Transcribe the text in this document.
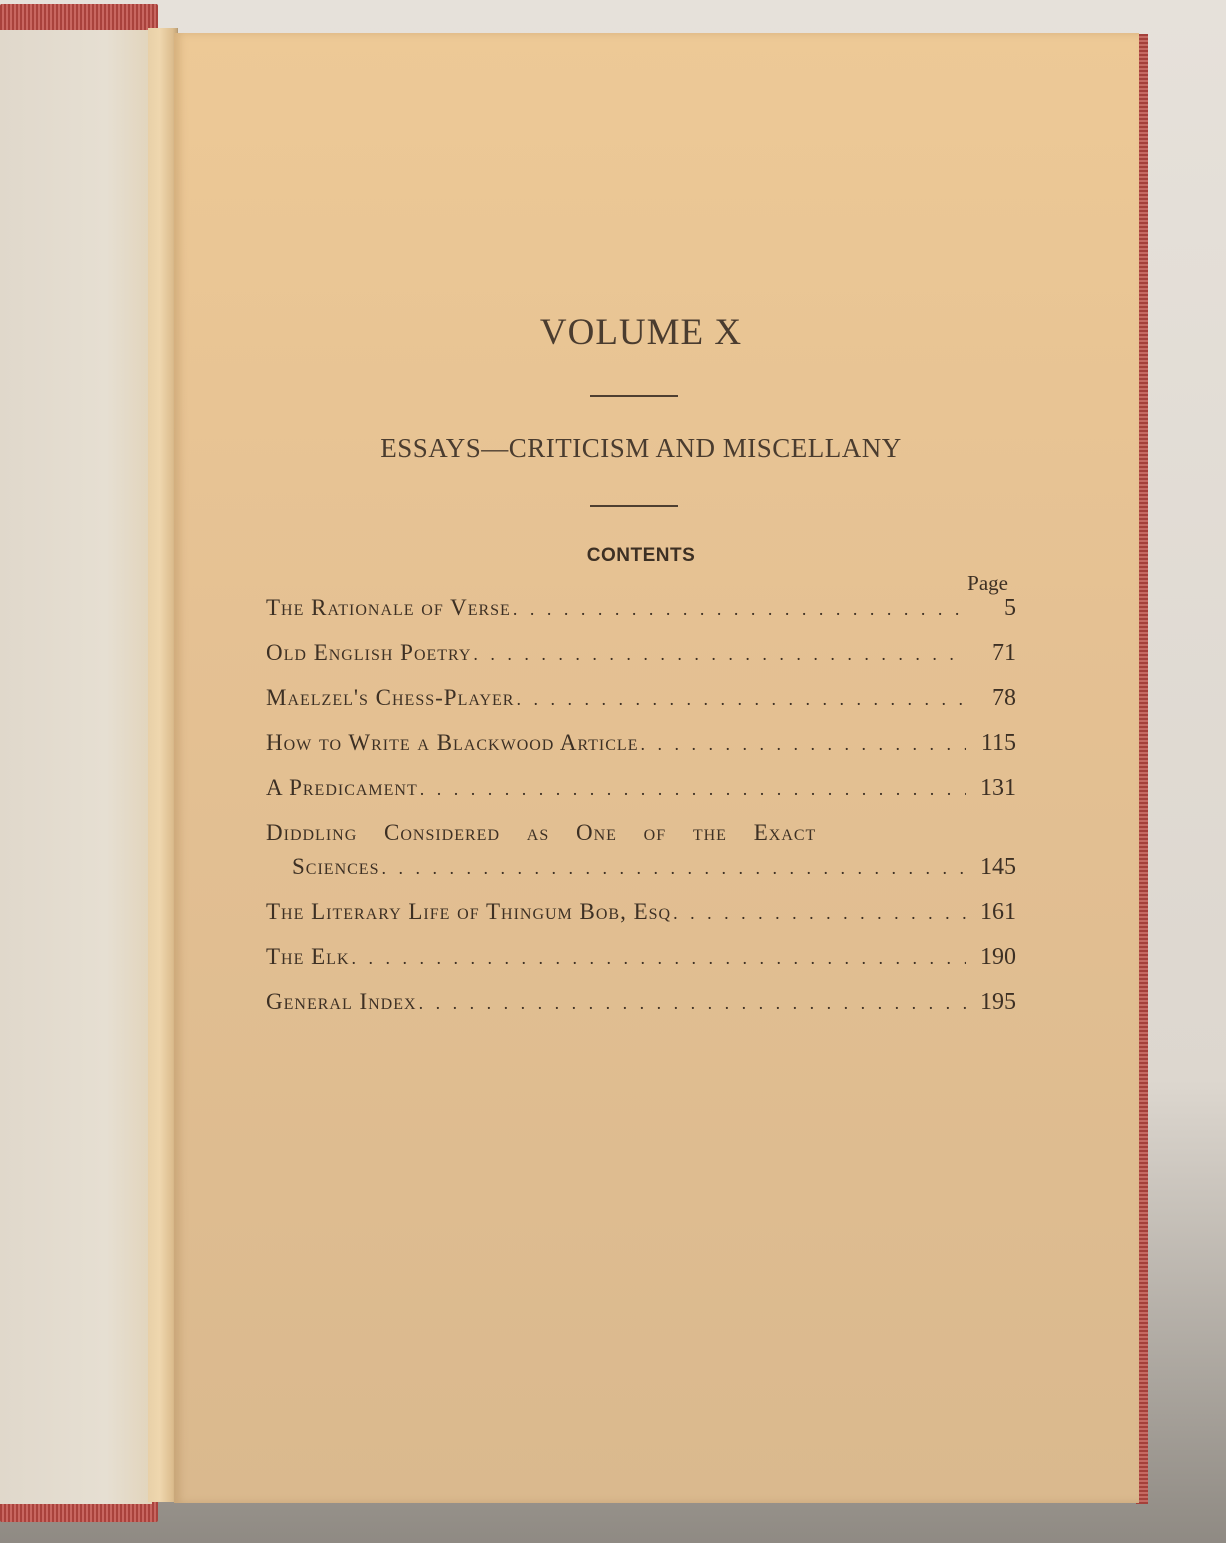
VOLUME X
ESSAYS—CRITICISM AND MISCELLANY
CONTENTS
Page
The Rationale of Verse . . .	5
Old English Poetry . . .	71
Maelzel's Chess-Player . . .	78
How to Write a Blackwood Article . . .	115
A Predicament . . .	131
Diddling Considered as One of the Exact
Sciences . . .	145
The Literary Life of Thingum Bob, Esq . . .	161
The Elk . . .	190
General Index . . .	195
